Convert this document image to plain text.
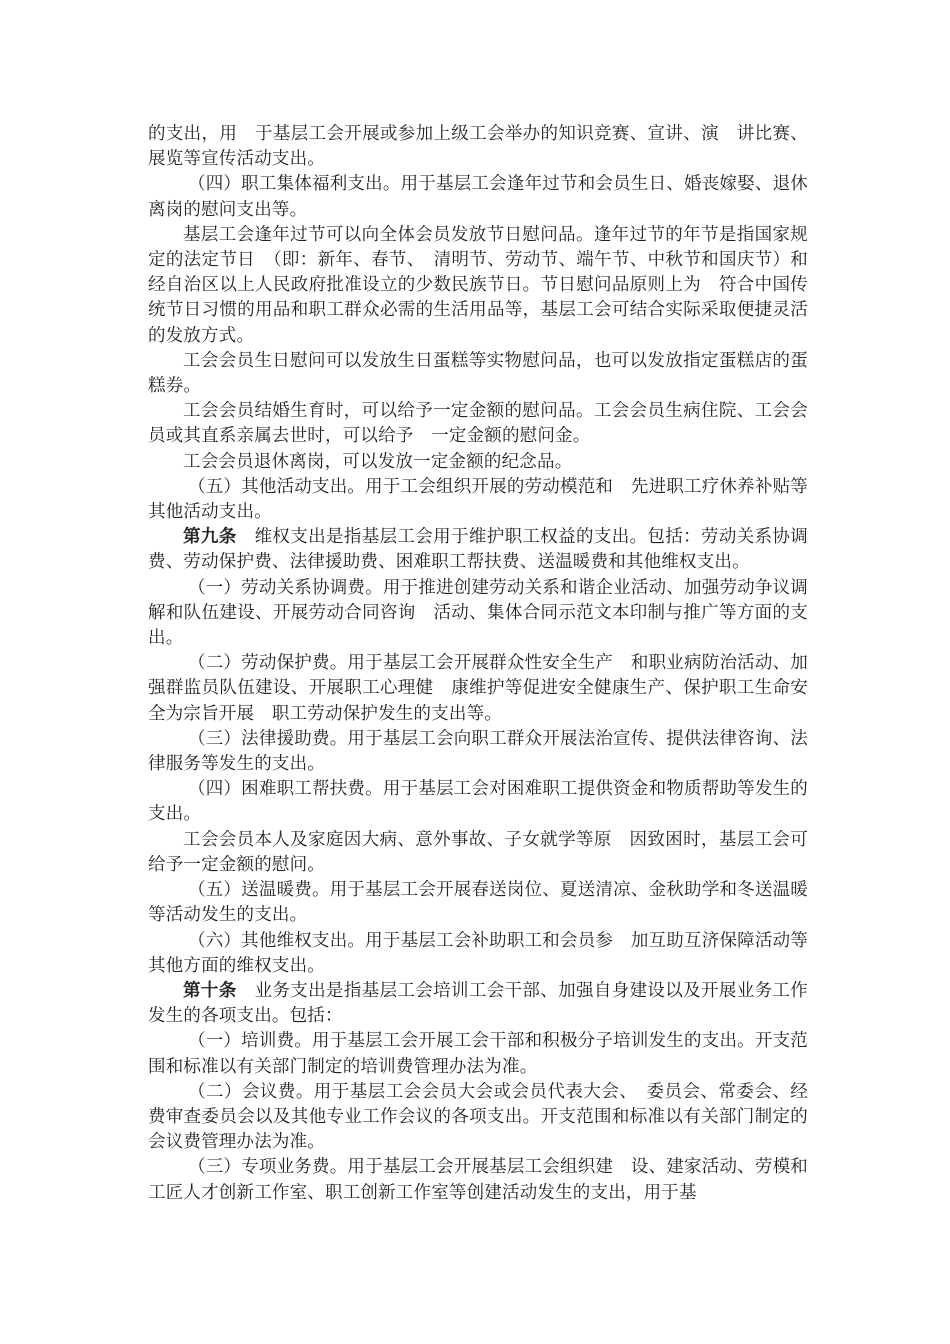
的支出，用　于基层工会开展或参加上级工会举办的知识竞赛、宣讲、演　讲比赛、展览等宣传活动支出。

（四）职工集体福利支出。用于基层工会逢年过节和会员生日、婚丧嫁娶、退休离岗的慰问支出等。

基层工会逢年过节可以向全体会员发放节日慰问品。逢年过节的年节是指国家规定的法定节日　（即：新年、春节、　清明节、劳动节、端午节、中秋节和国庆节）和经自治区以上人民政府批准设立的少数民族节日。节日慰问品原则上为　符合中国传统节日习惯的用品和职工群众必需的生活用品等，基层工会可结合实际采取便捷灵活的发放方式。

工会会员生日慰问可以发放生日蛋糕等实物慰问品，也可以发放指定蛋糕店的蛋糕券。

工会会员结婚生育时，可以给予一定金额的慰问品。工会会员生病住院、工会会员或其直系亲属去世时，可以给予　一定金额的慰问金。

工会会员退休离岗，可以发放一定金额的纪念品。

（五）其他活动支出。用于工会组织开展的劳动模范和　先进职工疗休养补贴等其他活动支出。

第九条 维权支出是指基层工会用于维护职工权益的支出。包括：劳动关系协调费、劳动保护费、法律援助费、困难职工帮扶费、送温暖费和其他维权支出。

（一）劳动关系协调费。用于推进创建劳动关系和谐企业活动、加强劳动争议调解和队伍建设、开展劳动合同咨询　活动、集体合同示范文本印制与推广等方面的支出。

（二）劳动保护费。用于基层工会开展群众性安全生产　和职业病防治活动、加强群监员队伍建设、开展职工心理健　康维护等促进安全健康生产、保护职工生命安全为宗旨开展　职工劳动保护发生的支出等。

（三）法律援助费。用于基层工会向职工群众开展法治宣传、提供法律咨询、法律服务等发生的支出。

（四）困难职工帮扶费。用于基层工会对困难职工提供资金和物质帮助等发生的支出。

工会会员本人及家庭因大病、意外事故、子女就学等原　因致困时，基层工会可给予一定金额的慰问。

（五）送温暖费。用于基层工会开展春送岗位、夏送清凉、金秋助学和冬送温暖等活动发生的支出。

（六）其他维权支出。用于基层工会补助职工和会员参　加互助互济保障活动等其他方面的维权支出。

第十条 业务支出是指基层工会培训工会干部、加强自身建设以及开展业务工作发生的各项支出。包括：

（一）培训费。用于基层工会开展工会干部和积极分子培训发生的支出。开支范围和标准以有关部门制定的培训费管理办法为准。

（二）会议费。用于基层工会会员大会或会员代表大会、　委员会、常委会、经费审查委员会以及其他专业工作会议的各项支出。开支范围和标准以有关部门制定的会议费管理办法为准。

（三）专项业务费。用于基层工会开展基层工会组织建　设、建家活动、劳模和工匠人才创新工作室、职工创新工作室等创建活动发生的支出，用于基
